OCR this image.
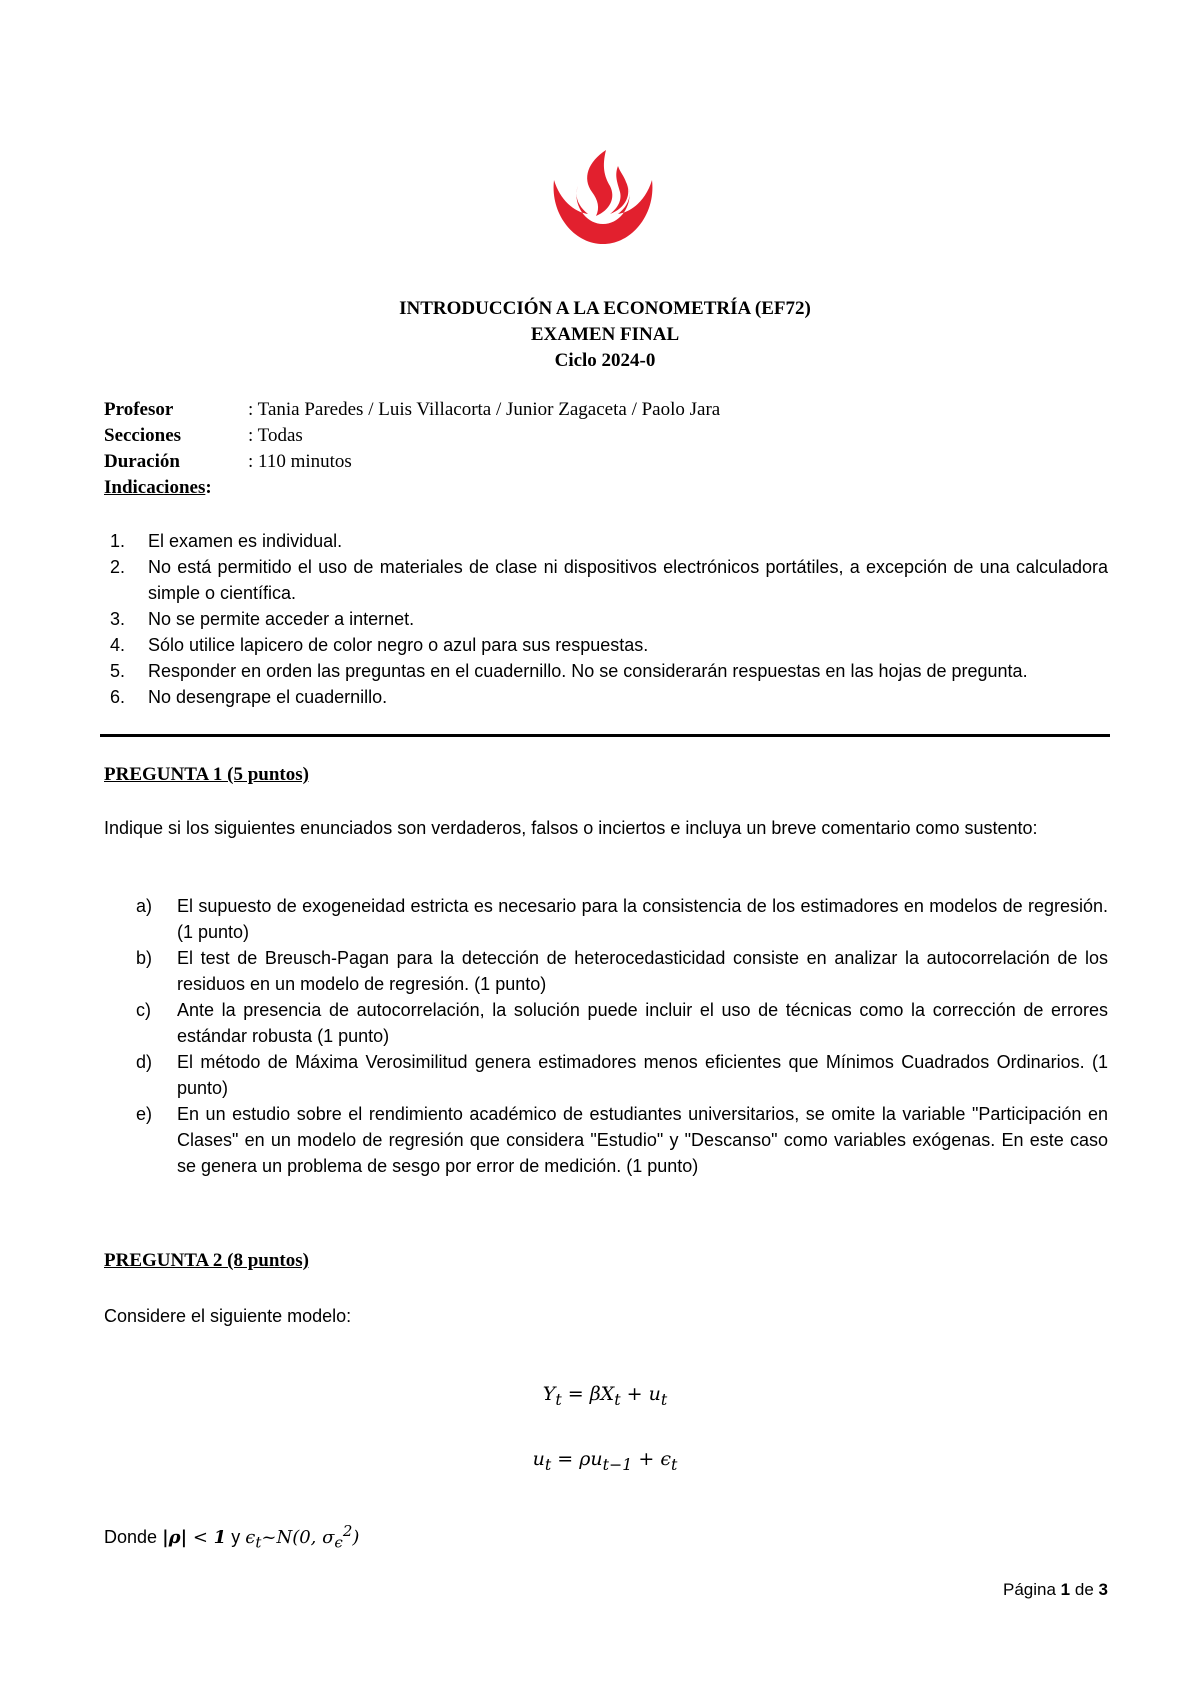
INTRODUCCIÓN A LA ECONOMETRÍA (EF72)
EXAMEN FINAL
Ciclo 2024-0
Profesor	: Tania Paredes / Luis Villacorta / Junior Zagaceta / Paolo Jara
Secciones	: Todas
Duración	: 110 minutos
Indicaciones:
1.	El examen es individual.
2.	No está permitido el uso de materiales de clase ni dispositivos electrónicos portátiles, a excepción de una calculadora simple o científica.
3.	No se permite acceder a internet.
4.	Sólo utilice lapicero de color negro o azul para sus respuestas.
5.	Responder en orden las preguntas en el cuadernillo. No se considerarán respuestas en las hojas de pregunta.
6.	No desengrape el cuadernillo.
PREGUNTA 1 (5 puntos)
Indique si los siguientes enunciados son verdaderos, falsos o inciertos e incluya un breve comentario como sustento:
a)	El supuesto de exogeneidad estricta es necesario para la consistencia de los estimadores en modelos de regresión. (1 punto)
b)	El test de Breusch-Pagan para la detección de heterocedasticidad consiste en analizar la autocorrelación de los residuos en un modelo de regresión. (1 punto)
c)	Ante la presencia de autocorrelación, la solución puede incluir el uso de técnicas como la corrección de errores estándar robusta (1 punto)
d)	El método de Máxima Verosimilitud genera estimadores menos eficientes que Mínimos Cuadrados Ordinarios. (1 punto)
e)	En un estudio sobre el rendimiento académico de estudiantes universitarios, se omite la variable "Participación en Clases" en un modelo de regresión que considera "Estudio" y "Descanso" como variables exógenas. En este caso se genera un problema de sesgo por error de medición. (1 punto)
PREGUNTA 2 (8 puntos)
Considere el siguiente modelo:
$Y_t = \beta X_t + u_t$
$u_t = \rho u_{t-1} + \epsilon_t$
Donde |ρ| < 1 y $\epsilon_t\sim N(0$, $\sigma_\epsilon^2$)
Página 1 de 3
